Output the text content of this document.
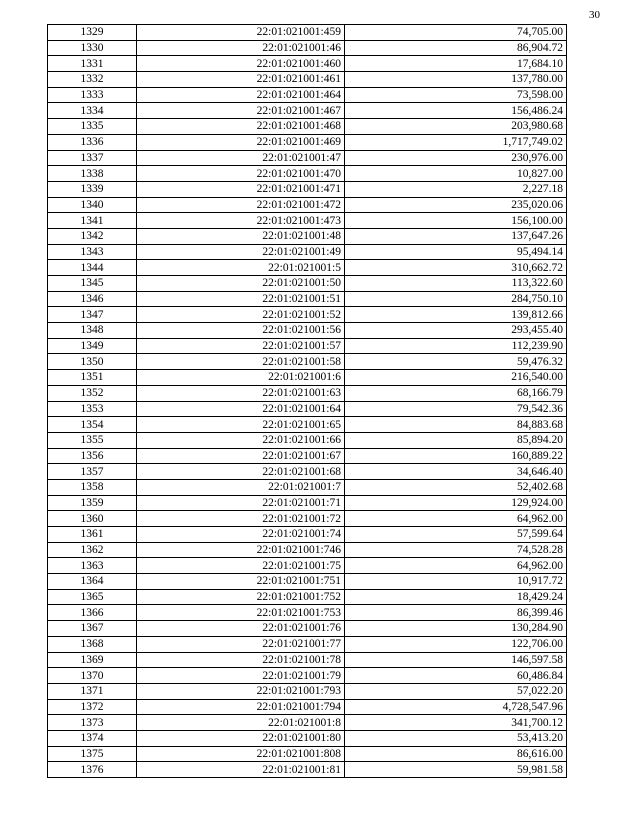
30
1329	22:01:021001:459	74,705.00
1330	22:01:021001:46	86,904.72
1331	22:01:021001:460	17,684.10
1332	22:01:021001:461	137,780.00
1333	22:01:021001:464	73,598.00
1334	22:01:021001:467	156,486.24
1335	22:01:021001:468	203,980.68
1336	22:01:021001:469	1,717,749.02
1337	22:01:021001:47	230,976.00
1338	22:01:021001:470	10,827.00
1339	22:01:021001:471	2,227.18
1340	22:01:021001:472	235,020.06
1341	22:01:021001:473	156,100.00
1342	22:01:021001:48	137,647.26
1343	22:01:021001:49	95,494.14
1344	22:01:021001:5	310,662.72
1345	22:01:021001:50	113,322.60
1346	22:01:021001:51	284,750.10
1347	22:01:021001:52	139,812.66
1348	22:01:021001:56	293,455.40
1349	22:01:021001:57	112,239.90
1350	22:01:021001:58	59,476.32
1351	22:01:021001:6	216,540.00
1352	22:01:021001:63	68,166.79
1353	22:01:021001:64	79,542.36
1354	22:01:021001:65	84,883.68
1355	22:01:021001:66	85,894.20
1356	22:01:021001:67	160,889.22
1357	22:01:021001:68	34,646.40
1358	22:01:021001:7	52,402.68
1359	22:01:021001:71	129,924.00
1360	22:01:021001:72	64,962.00
1361	22:01:021001:74	57,599.64
1362	22:01:021001:746	74,528.28
1363	22:01:021001:75	64,962.00
1364	22:01:021001:751	10,917.72
1365	22:01:021001:752	18,429.24
1366	22:01:021001:753	86,399.46
1367	22:01:021001:76	130,284.90
1368	22:01:021001:77	122,706.00
1369	22:01:021001:78	146,597.58
1370	22:01:021001:79	60,486.84
1371	22:01:021001:793	57,022.20
1372	22:01:021001:794	4,728,547.96
1373	22:01:021001:8	341,700.12
1374	22:01:021001:80	53,413.20
1375	22:01:021001:808	86,616.00
1376	22:01:021001:81	59,981.58
